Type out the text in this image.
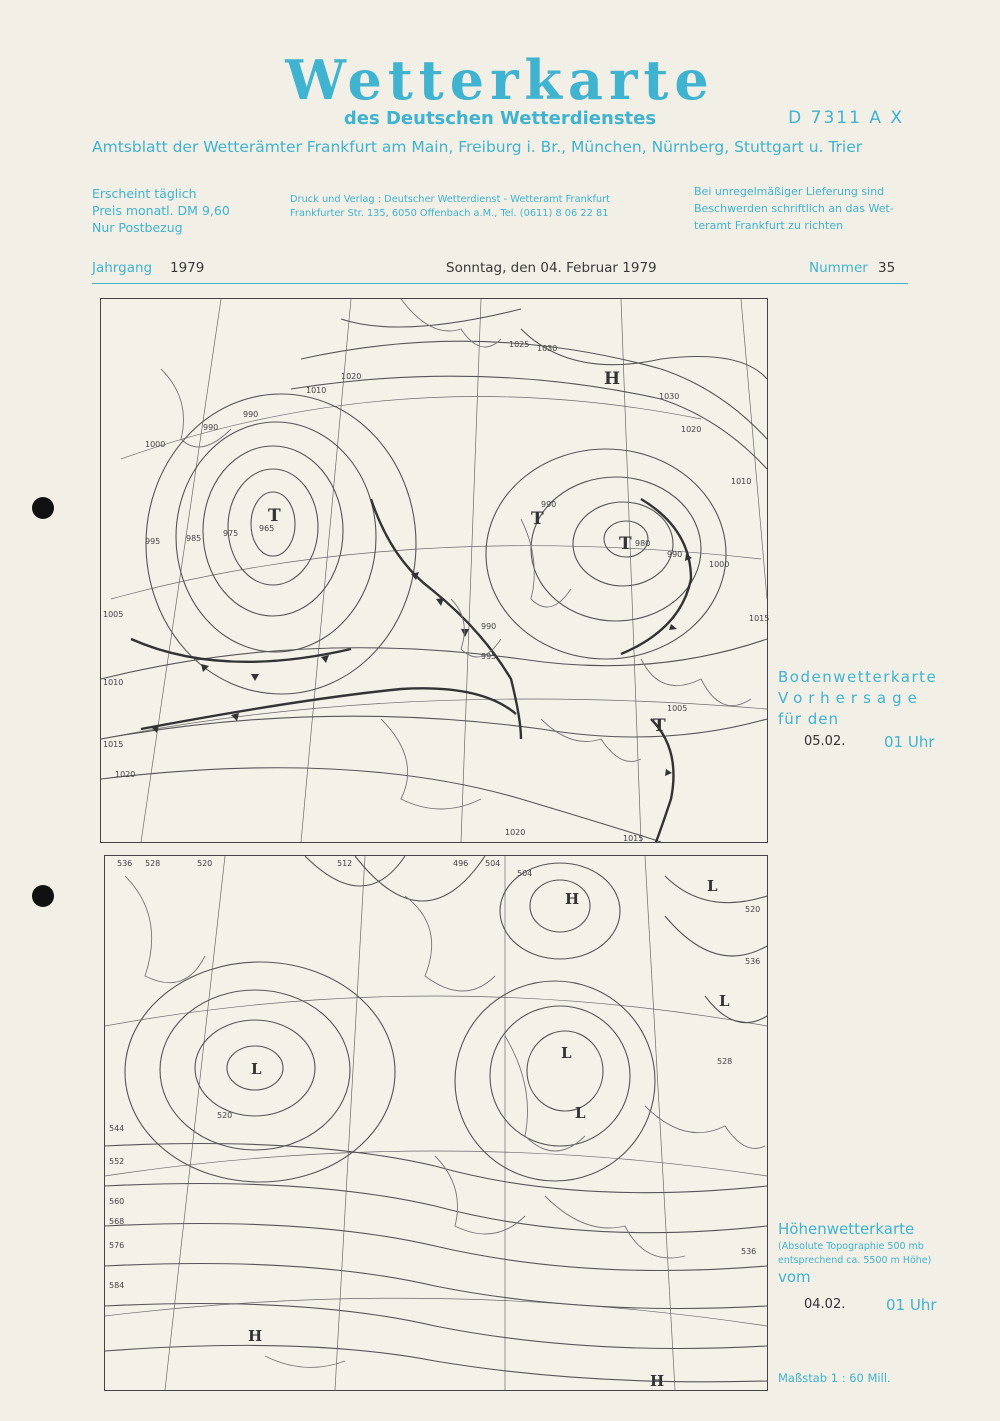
Wetterkarte
des Deutschen Wetterdienstes	D 7311 A X
Amtsblatt der Wetterämter Frankfurt am Main, Freiburg i. Br., München, Nürnberg, Stuttgart u. Trier
Erscheint täglich
Preis monatl. DM 9,60
Nur Postbezug
Druck und Verlag : Deutscher Wetterdienst - Wetteramt Frankfurt
Frankfurter Str. 135, 6050 Offenbach a.M., Tel. (0611) 8 06 22 81
Bei unregelmäßiger Lieferung sind
Beschwerden schriftlich an das Wet-
teramt Frankfurt zu richten
Jahrgang 1979	Sonntag, den 04. Februar 1979	Nummer 35
T	T
T
H
T
1025 1030
1020
1030
1020
1010
1010
990
990
1000
965
975
985
995
1005
1010
1015
1020
990
980
990
1000
1015
990
995
1005
1020
1015
H
L
L
L
L
L
H
H
536 528	520	512	504
496
544
552
560
568
576
584
520
536
520
528
536
504
Bodenwetterkarte
Vorhersage
für den
05.02.	01 Uhr
Höhenwetterkarte
(Absolute Topographie 500 mb
entsprechend ca. 5500 m Höhe)
vom
04.02.	01 Uhr
Maßstab 1 : 60 Mill.
